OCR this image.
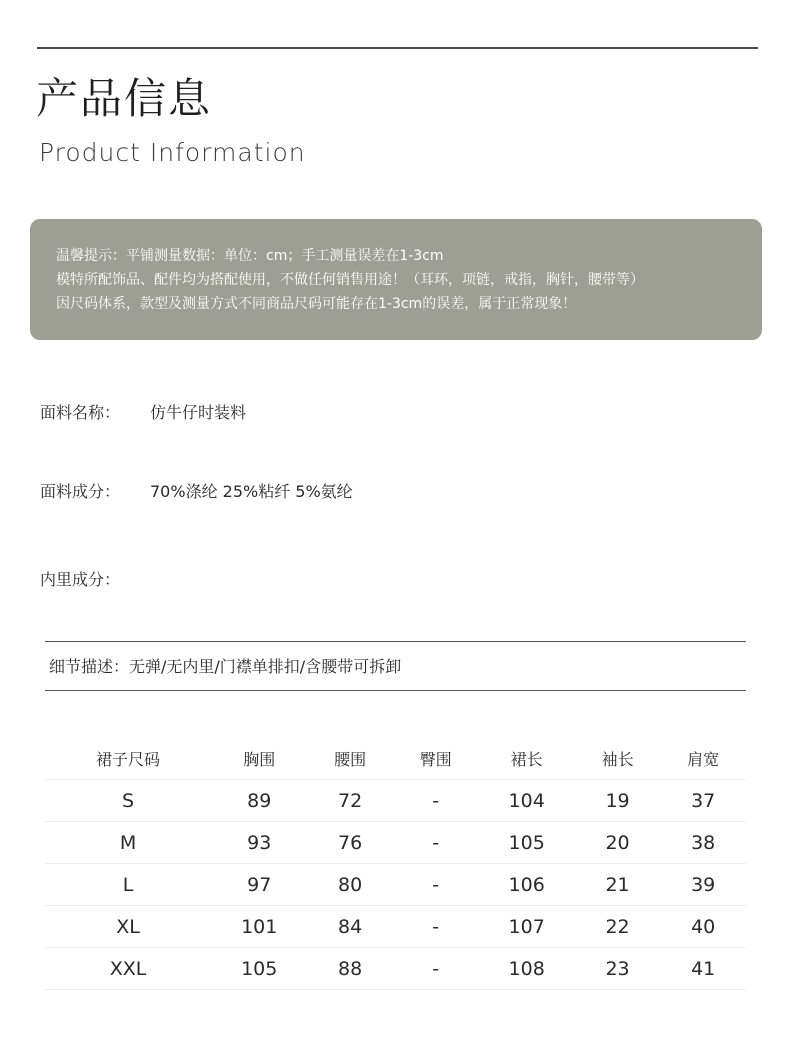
产品信息
Product Information
温馨提示：平铺测量数据：单位：cm；手工测量误差在1-3cm
模特所配饰品、配件均为搭配使用，不做任何销售用途！（耳环，项链，戒指，胸针，腰带等）
因尺码体系，款型及测量方式不同商品尺码可能存在1-3cm的误差，属于正常现象！
面料名称： 仿牛仔时装料
面料成分： 70%涤纶 25%粘纤 5%氨纶
内里成分：
细节描述：无弹/无内里/门襟单排扣/含腰带可拆卸
裙子尺码	胸围	腰围	臀围	裙长	袖长	肩宽
S	89	72	-	104	19	37
M	93	76	-	105	20	38
L	97	80	-	106	21	39
XL	101	84	-	107	22	40
XXL	105	88	-	108	23	41
